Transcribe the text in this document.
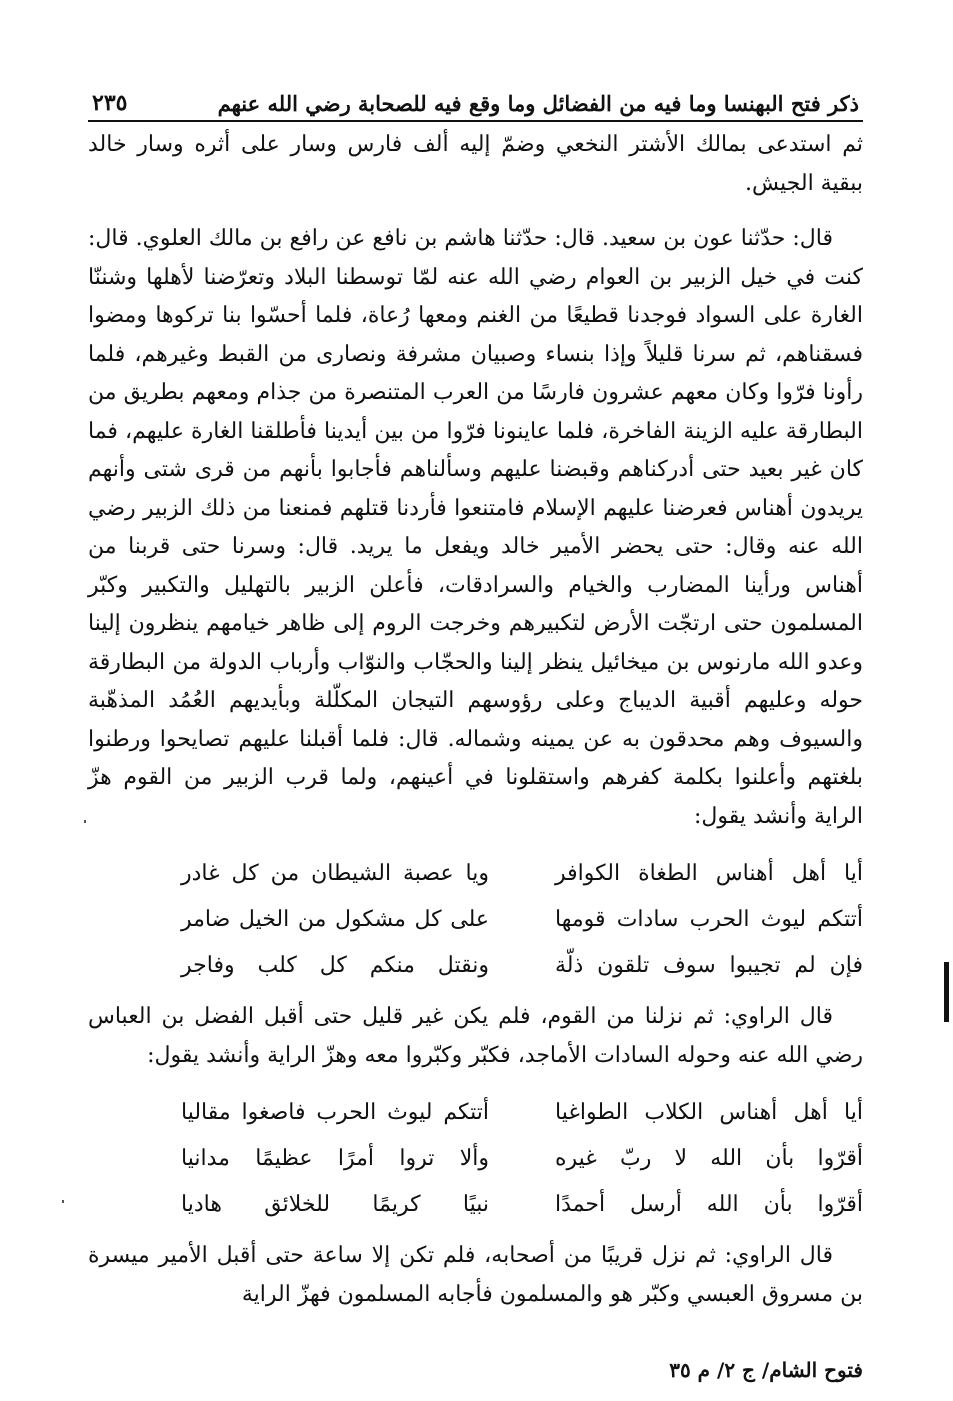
ذكر فتح البهنسا وما فيه من الفضائل وما وقع فيه للصحابة رضي الله عنهم
٢٣٥

ثم استدعى بمالك الأشتر النخعي وضمّ إليه ألف فارس وسار على أثره وسار خالد ببقية الجيش.

قال: حدّثنا عون بن سعيد. قال: حدّثنا هاشم بن نافع عن رافع بن مالك العلوي. قال: كنت في خيل الزبير بن العوام رضي الله عنه لمّا توسطنا البلاد وتعرّضنا لأهلها وشننّا الغارة على السواد فوجدنا قطيعًا من الغنم ومعها رُعاة، فلما أحسّوا بنا تركوها ومضوا فسقناهم، ثم سرنا قليلاً وإذا بنساء وصبيان مشرفة ونصارى من القبط وغيرهم، فلما رأونا فرّوا وكان معهم عشرون فارسًا من العرب المتنصرة من جذام ومعهم بطريق من البطارقة عليه الزينة الفاخرة، فلما عاينونا فرّوا من بين أيدينا فأطلقنا الغارة عليهم، فما كان غير بعيد حتى أدركناهم وقبضنا عليهم وسألناهم فأجابوا بأنهم من قرى شتى وأنهم يريدون أهناس فعرضنا عليهم الإسلام فامتنعوا فأردنا قتلهم فمنعنا من ذلك الزبير رضي الله عنه وقال: حتى يحضر الأمير خالد ويفعل ما يريد. قال: وسرنا حتى قربنا من أهناس ورأينا المضارب والخيام والسرادقات، فأعلن الزبير بالتهليل والتكبير وكبّر المسلمون حتى ارتجّت الأرض لتكبيرهم وخرجت الروم إلى ظاهر خيامهم ينظرون إلينا وعدو الله مارنوس بن ميخائيل ينظر إلينا والحجّاب والنوّاب وأرباب الدولة من البطارقة حوله وعليهم أقبية الديباج وعلى رؤوسهم التيجان المكلّلة وبأيديهم العُمُد المذهّبة والسيوف وهم محدقون به عن يمينه وشماله. قال: فلما أقبلنا عليهم تصايحوا ورطنوا بلغتهم وأعلنوا بكلمة كفرهم واستقلونا في أعينهم، ولما قرب الزبير من القوم هزّ الراية وأنشد يقول:

أيا أهل أهناس الطغاة الكوافر
ويا عصبة الشيطان من كل غادر
أتتكم ليوث الحرب سادات قومها
على كل مشكول من الخيل ضامر
فإن لم تجيبوا سوف تلقون ذلّة
ونقتل منكم كل كلب وفاجر

قال الراوي: ثم نزلنا من القوم، فلم يكن غير قليل حتى أقبل الفضل بن العباس رضي الله عنه وحوله السادات الأماجد، فكبّر وكبّروا معه وهزّ الراية وأنشد يقول:

أيا أهل أهناس الكلاب الطواغيا
أتتكم ليوث الحرب فاصغوا مقاليا
أقرّوا بأن الله لا ربّ غيره
وألا تروا أمرًا عظيمًا مدانيا
أقرّوا بأن الله أرسل أحمدًا
نبيًا كريمًا للخلائق هاديا

قال الراوي: ثم نزل قريبًا من أصحابه، فلم تكن إلا ساعة حتى أقبل الأمير ميسرة بن مسروق العبسي وكبّر هو والمسلمون فأجابه المسلمون فهزّ الراية

فتوح الشام/ ج ٢/ م ٣٥
